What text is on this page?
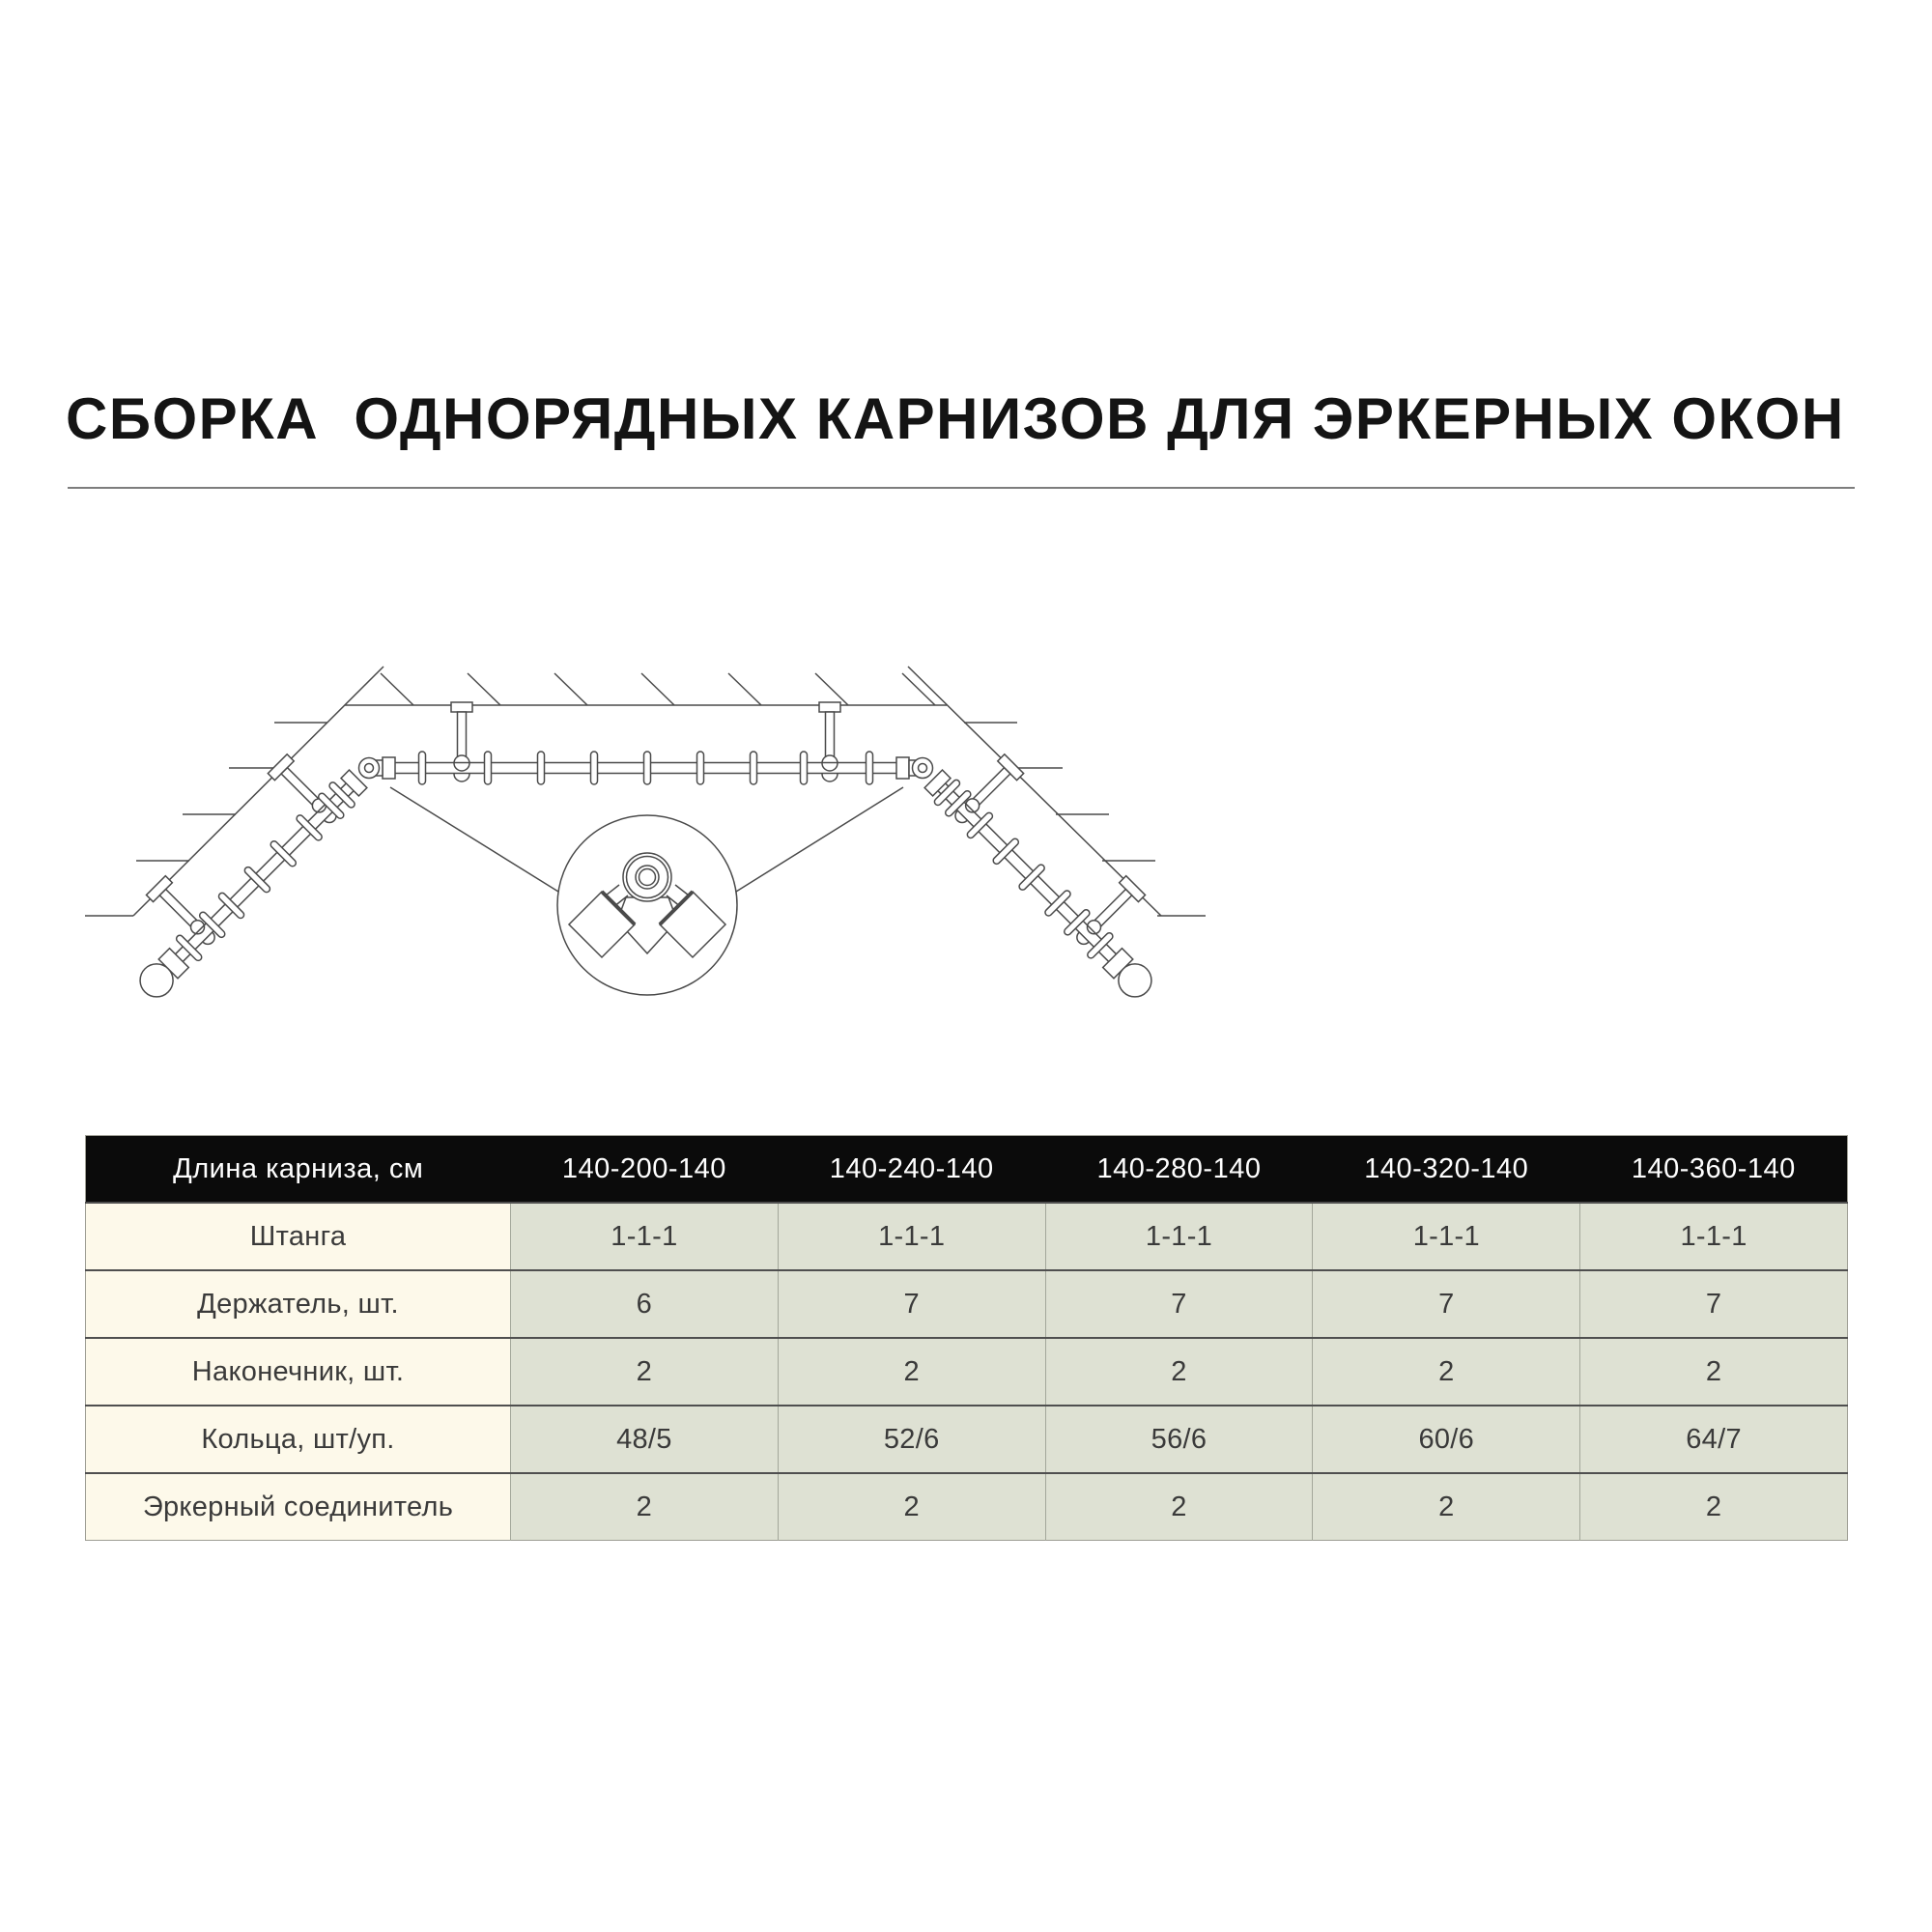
СБОРКА  ОДНОРЯДНЫХ КАРНИЗОВ ДЛЯ ЭРКЕРНЫХ ОКОН
Длина карниза, см	140-200-140	140-240-140	140-280-140	140-320-140	140-360-140
Штанга	1-1-1	1-1-1	1-1-1	1-1-1	1-1-1
Держатель, шт.	6	7	7	7	7
Наконечник, шт.	2	2	2	2	2
Кольца, шт/уп.	48/5	52/6	56/6	60/6	64/7
Эркерный соединитель	2	2	2	2	2
